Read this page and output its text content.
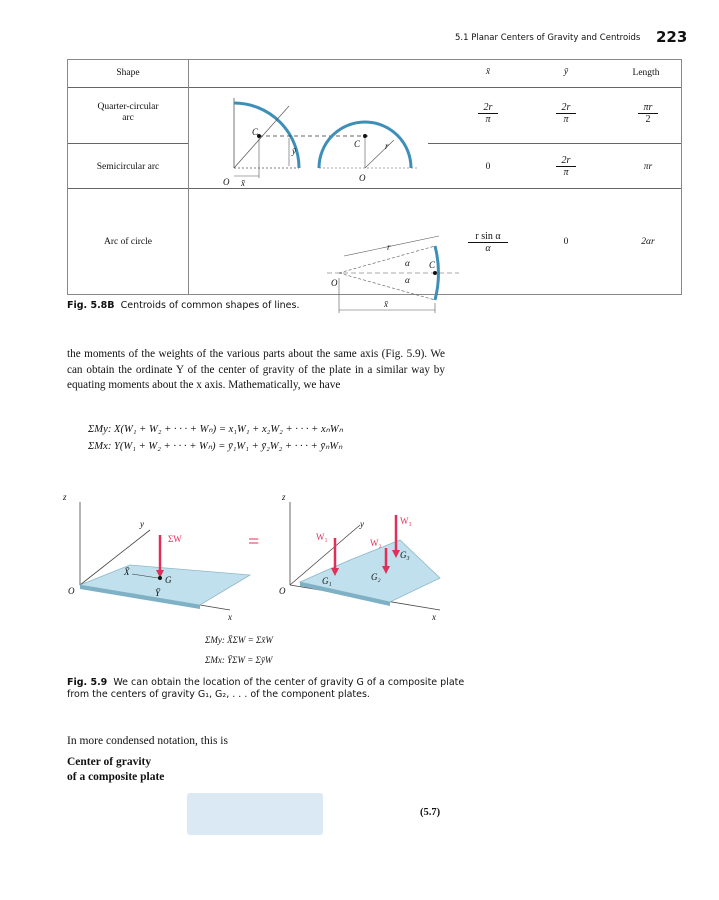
5.1 Planar Centers of Gravity and Centroids 223
Shape	x̄	ȳ	Length
Quarter-circular
arc	$\frac{2r}{\pi}$	$\frac{2r}{\pi}$	$\frac{\pi r}{2}$
Semicircular arc	0	$\frac{2r}{\pi}$	πr
Arc of circle	$\frac{\text{r sin α}}{\alpha}$	0	2αr
C
O
ȳ
x̄
C	r
O
r
α
α
C
O
x̄
Fig. 5.8B Centroids of common shapes of lines.
the moments of the weights of the various parts about the same axis (Fig. 5.9). We can obtain the ordinate Y of the center of gravity of the plate in a similar way by equating moments about the x axis. Mathematically, we have
ΣMy: X(W₁ + W₂ + · · · + Wₙ) = x₁W₁ + x₂W₂ + · · · + xₙWₙ
ΣMx: Y(W₁ + W₂ + · · · + Wₙ) = ȳ₁W₁ + ȳ₂W₂ + · · · + ȳₙWₙ
z
y
x
O
ΣW
G
X̄
Ȳ
=
z
y
x
O
W₁
W₂
W₃
G₁	G₂
G₃
ΣMy: X̄ΣW = Σx̄W
ΣMx: ȲΣW = ΣȳW
Fig. 5.9 We can obtain the location of the center of gravity G of a composite plate from the centers of gravity G₁, G₂, . . . of the component plates.
In more condensed notation, this is
Center of gravity
of a composite plate
(5.7)
